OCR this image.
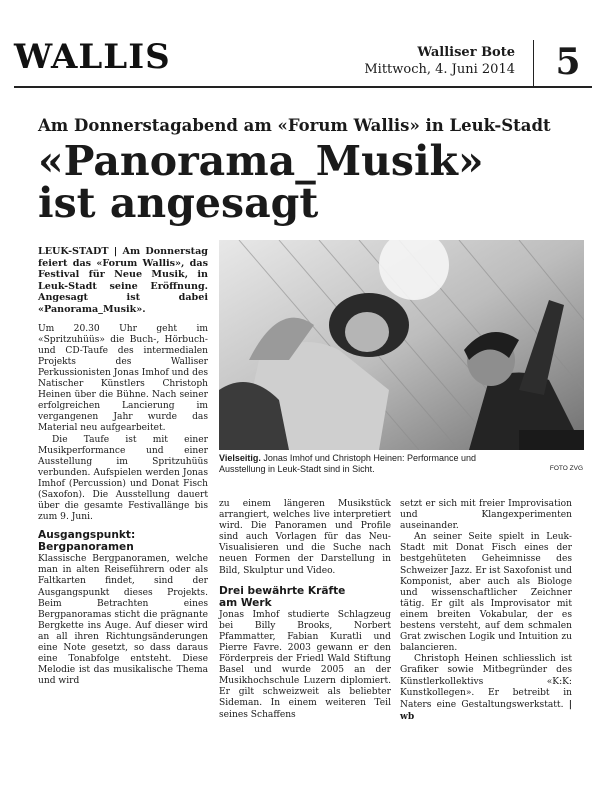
WALLIS	Walliser Bote
Mittwoch, 4. Juni 2014	5
Am Donnerstagabend am «Forum Wallis» in Leuk-Stadt
«Panorama_Musik»
ist angesagt

LEUK-STADT | Am Donnerstag feiert das «Forum Wallis», das Festival für Neue Musik, in Leuk-Stadt seine Eröffnung. Angesagt ist dabei «Panorama_Musik».

Um 20.30 Uhr geht im «Spritzuhüüs» die Buch-, Hörbuch- und CD-Taufe des intermedialen Projekts des Walliser Perkussionisten Jonas Imhof und des Natischer Künstlers Christoph Heinen über die Bühne. Nach seiner erfolgreichen Lancierung im vergangenen Jahr wurde das Material neu aufgearbeitet.

Die Taufe ist mit einer Musikperformance und einer Ausstellung im Spritzuhüüs verbunden. Aufspielen werden Jonas Imhof (Percussion) und Donat Fisch (Saxofon). Die Ausstellung dauert über die gesamte Festivallänge bis zum 9. Juni.

Ausgangspunkt:
Bergpanoramen

Klassische Bergpanoramen, welche man in alten Reiseführern oder als Faltkarten findet, sind der Ausgangspunkt dieses Projekts. Beim Betrachten eines Bergpanoramas sticht die prägnante Bergkette ins Auge. Auf dieser wird an all ihren Richtungsänderungen eine Note gesetzt, so dass daraus eine Tonabfolge entsteht. Diese Melodie ist das musikalische Thema und wird

Vielseitig. Jonas Imhof und Christoph Heinen: Performance und Ausstellung in Leuk-Stadt sind in Sicht.	FOTO ZVG

zu einem längeren Musikstück arrangiert, welches live interpretiert wird. Die Panoramen und Profile sind auch Vorlagen für das Neu-Visualisieren und die Suche nach neuen Formen der Darstellung in Bild, Skulptur und Video.

Drei bewährte Kräfte
am Werk

Jonas Imhof studierte Schlagzeug bei Billy Brooks, Norbert Pfammatter, Fabian Kuratli und Pierre Favre. 2003 gewann er den Förderpreis der Friedl Wald Stiftung Basel und wurde 2005 an der Musikhochschule Luzern diplomiert. Er gilt schweizweit als beliebter Sideman. In einem weiteren Teil seines Schaffens

setzt er sich mit freier Improvisation und Klangexperimenten auseinander.

An seiner Seite spielt in Leuk-Stadt mit Donat Fisch eines der bestgehüteten Geheimnisse des Schweizer Jazz. Er ist Saxofonist und Komponist, aber auch als Biologe und wissenschaftlicher Zeichner tätig. Er gilt als Improvisator mit einem breiten Vokabular, der es bestens versteht, auf dem schmalen Grat zwischen Logik und Intuition zu balancieren.

Christoph Heinen schliesslich ist Grafiker sowie Mitbegründer des Künstlerkollektivs «K:K: Kunstkollegen». Er betreibt in Naters eine Gestaltungswerkstatt. | wb
